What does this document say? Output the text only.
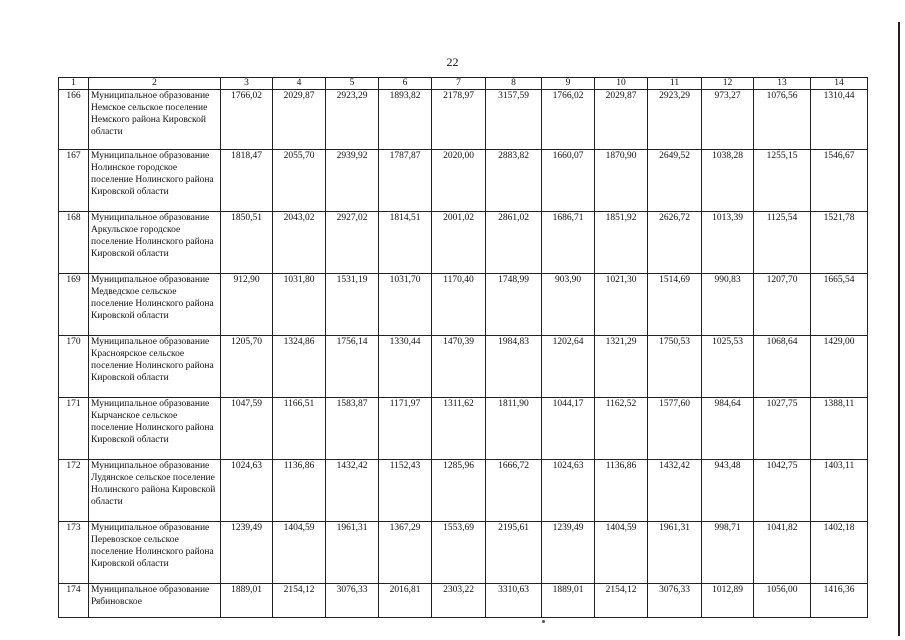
22
1	2	3	4	5	6	7	8	9	10	11	12	13	14
166	Муниципальное образование Немское сельское поселение Немского района Кировской области	1766,02	2029,87	2923,29	1893,82	2178,97	3157,59	1766,02	2029,87	2923,29	973,27	1076,56	1310,44
167	Муниципальное образование Нолинское городское поселение Нолинского района Кировской области	1818,47	2055,70	2939,92	1787,87	2020,00	2883,82	1660,07	1870,90	2649,52	1038,28	1255,15	1546,67
168	Муниципальное образование Аркульское городское поселение Нолинского района Кировской области	1850,51	2043,02	2927,02	1814,51	2001,02	2861,02	1686,71	1851,92	2626,72	1013,39	1125,54	1521,78
169	Муниципальное образование Медведское сельское поселение Нолинского района Кировской области	912,90	1031,80	1531,19	1031,70	1170,40	1748,99	903,90	1021,30	1514,69	990,83	1207,70	1665,54
170	Муниципальное образование Красноярское сельское поселение Нолинского района Кировской области	1205,70	1324,86	1756,14	1330,44	1470,39	1984,83	1202,64	1321,29	1750,53	1025,53	1068,64	1429,00
171	Муниципальное образование Кырчанское сельское поселение Нолинского района Кировской области	1047,59	1166,51	1583,87	1171,97	1311,62	1811,90	1044,17	1162,52	1577,60	984,64	1027,75	1388,11
172	Муниципальное образование Лудянское сельское поселение Нолинского района Кировской области	1024,63	1136,86	1432,42	1152,43	1285,96	1666,72	1024,63	1136,86	1432,42	943,48	1042,75	1403,11
173	Муниципальное образование Перевозское сельское поселение Нолинского района Кировской области	1239,49	1404,59	1961,31	1367,29	1553,69	2195,61	1239,49	1404,59	1961,31	998,71	1041,82	1402,18
174	Муниципальное образование Рябиновское	1889,01	2154,12	3076,33	2016,81	2303,22	3310,63	1889,01	2154,12	3076,33	1012,89	1056,00	1416,36
